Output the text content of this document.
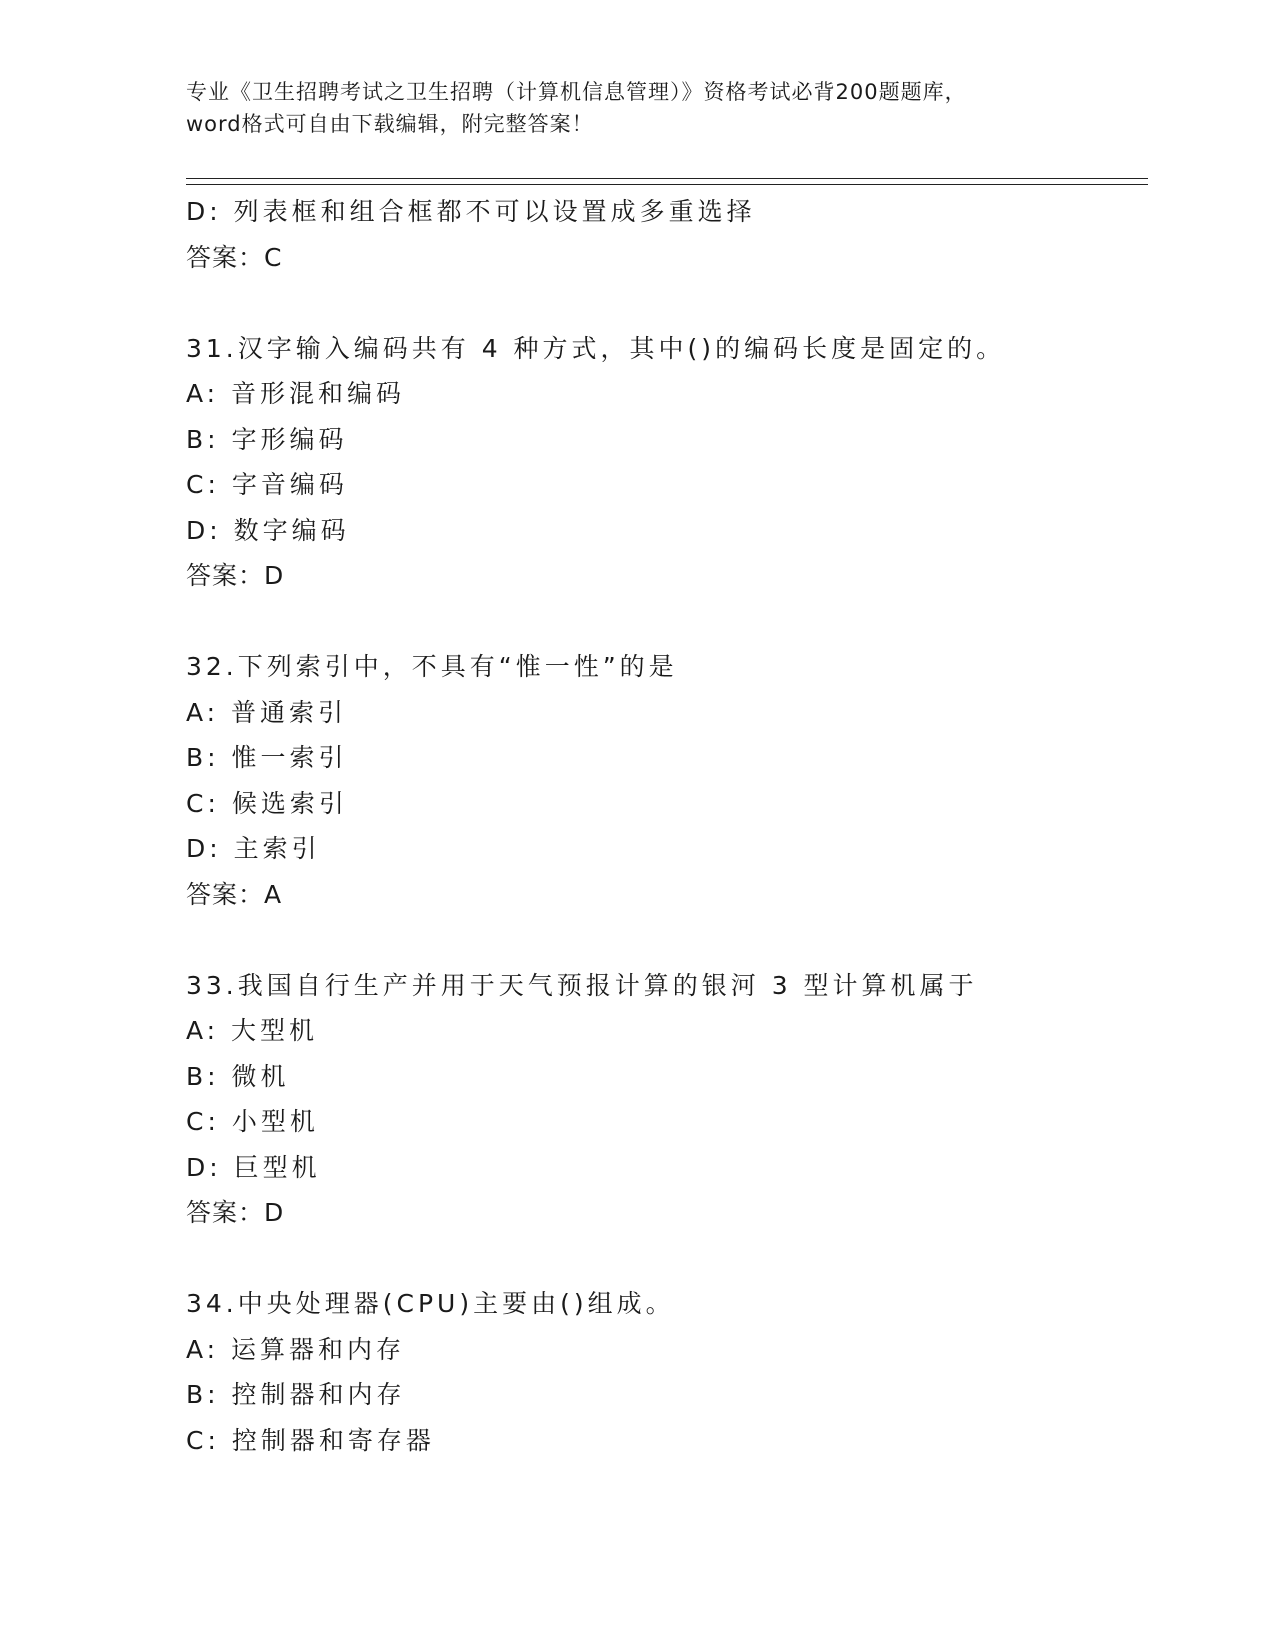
专业《卫生招聘考试之卫生招聘（计算机信息管理）》资格考试必背200题题库，
word格式可自由下载编辑，附完整答案！
D: 列表框和组合框都不可以设置成多重选择
答案：C
31.汉字输入编码共有 4 种方式，其中()的编码长度是固定的。
A: 音形混和编码
B: 字形编码
C: 字音编码
D: 数字编码
答案：D
32.下列索引中，不具有“惟一性”的是
A: 普通索引
B: 惟一索引
C: 候选索引
D: 主索引
答案：A
33.我国自行生产并用于天气预报计算的银河 3 型计算机属于
A: 大型机
B: 微机
C: 小型机
D: 巨型机
答案：D
34.中央处理器(CPU)主要由()组成。
A: 运算器和内存
B: 控制器和内存
C: 控制器和寄存器
